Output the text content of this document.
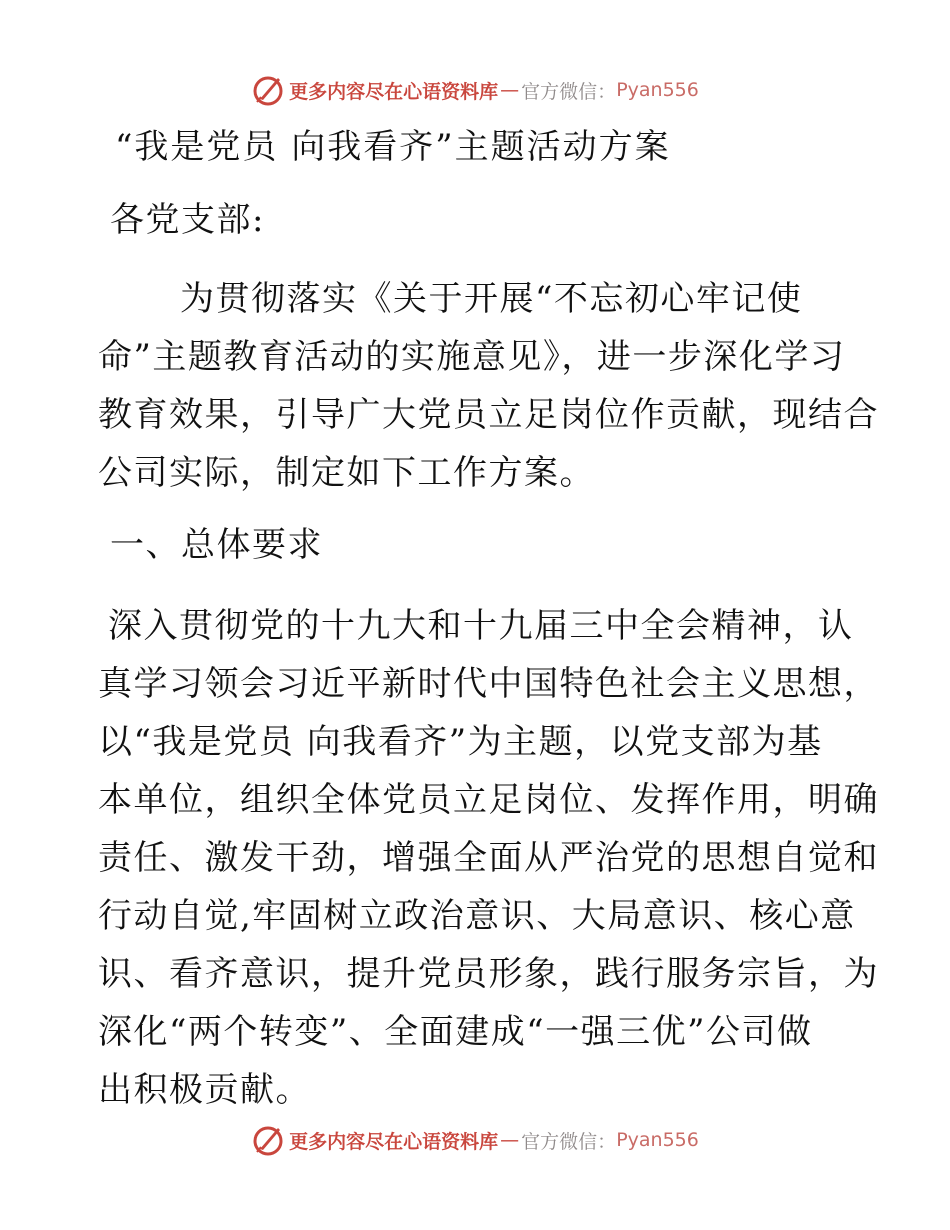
更多内容尽在心语资料库 — 官方微信： Pyan556
“我是党员 向我看齐”主题活动方案
各党支部:
为贯彻落实《关于开展“不忘初心牢记使
命”主题教育活动的实施意见》，进一步深化学习
教育效果，引导广大党员立足岗位作贡献，现结合
公司实际，制定如下工作方案。
一、总体要求
深入贯彻党的十九大和十九届三中全会精神，认
真学习领会习近平新时代中国特色社会主义思想，
以“我是党员 向我看齐”为主题，以党支部为基
本单位，组织全体党员立足岗位、发挥作用，明确
责任、激发干劲，增强全面从严治党的思想自觉和
行动自觉,牢固树立政治意识、大局意识、核心意
识、看齐意识，提升党员形象，践行服务宗旨，为
深化“两个转变”、全面建成“一强三优”公司做
出积极贡献。
更多内容尽在心语资料库 — 官方微信： Pyan556
